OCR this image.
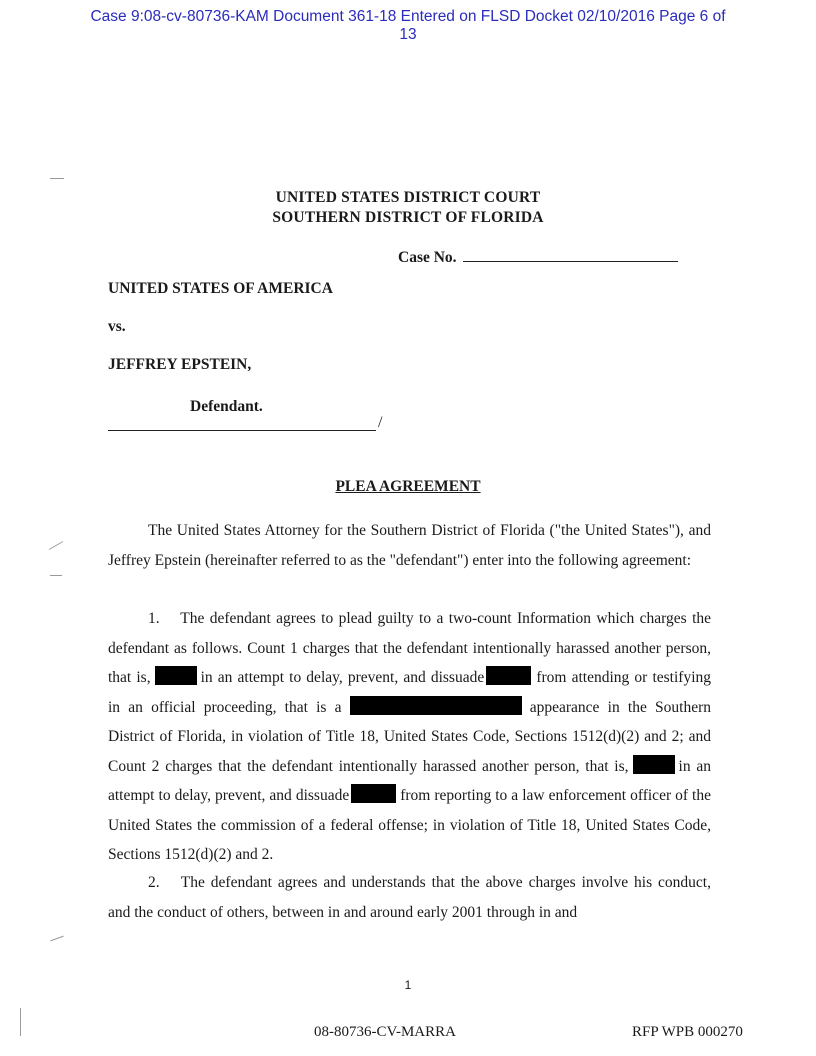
Case 9:08-cv-80736-KAM Document 361-18 Entered on FLSD Docket 02/10/2016 Page 6 of
13
UNITED STATES DISTRICT COURT
SOUTHERN DISTRICT OF FLORIDA
Case No.
UNITED STATES OF AMERICA
vs.
JEFFREY EPSTEIN,
Defendant.
/
PLEA AGREEMENT

The United States Attorney for the Southern District of Florida ("the United States"), and Jeffrey Epstein (hereinafter referred to as the "defendant") enter into the following agreement:

1.  The defendant agrees to plead guilty to a two-count Information which charges the defendant as follows. Count 1 charges that the defendant intentionally harassed another person, that is,	in an attempt to delay, prevent, and dissuade	from attending or testifying in an official proceeding, that is a	appearance in the Southern District of Florida, in violation of Title 18, United States Code, Sections 1512(d)(2) and 2; and Count 2 charges that the defendant intentionally harassed another person, that is,	in an attempt to delay, prevent, and dissuade	from reporting to a law enforcement officer of the United States the commission of a federal offense; in violation of Title 18, United States Code, Sections 1512(d)(2) and 2.

2.  The defendant agrees and understands that the above charges involve his conduct, and the conduct of others, between in and around early 2001 through in and

1
08-80736-CV-MARRA	RFP WPB 000270
